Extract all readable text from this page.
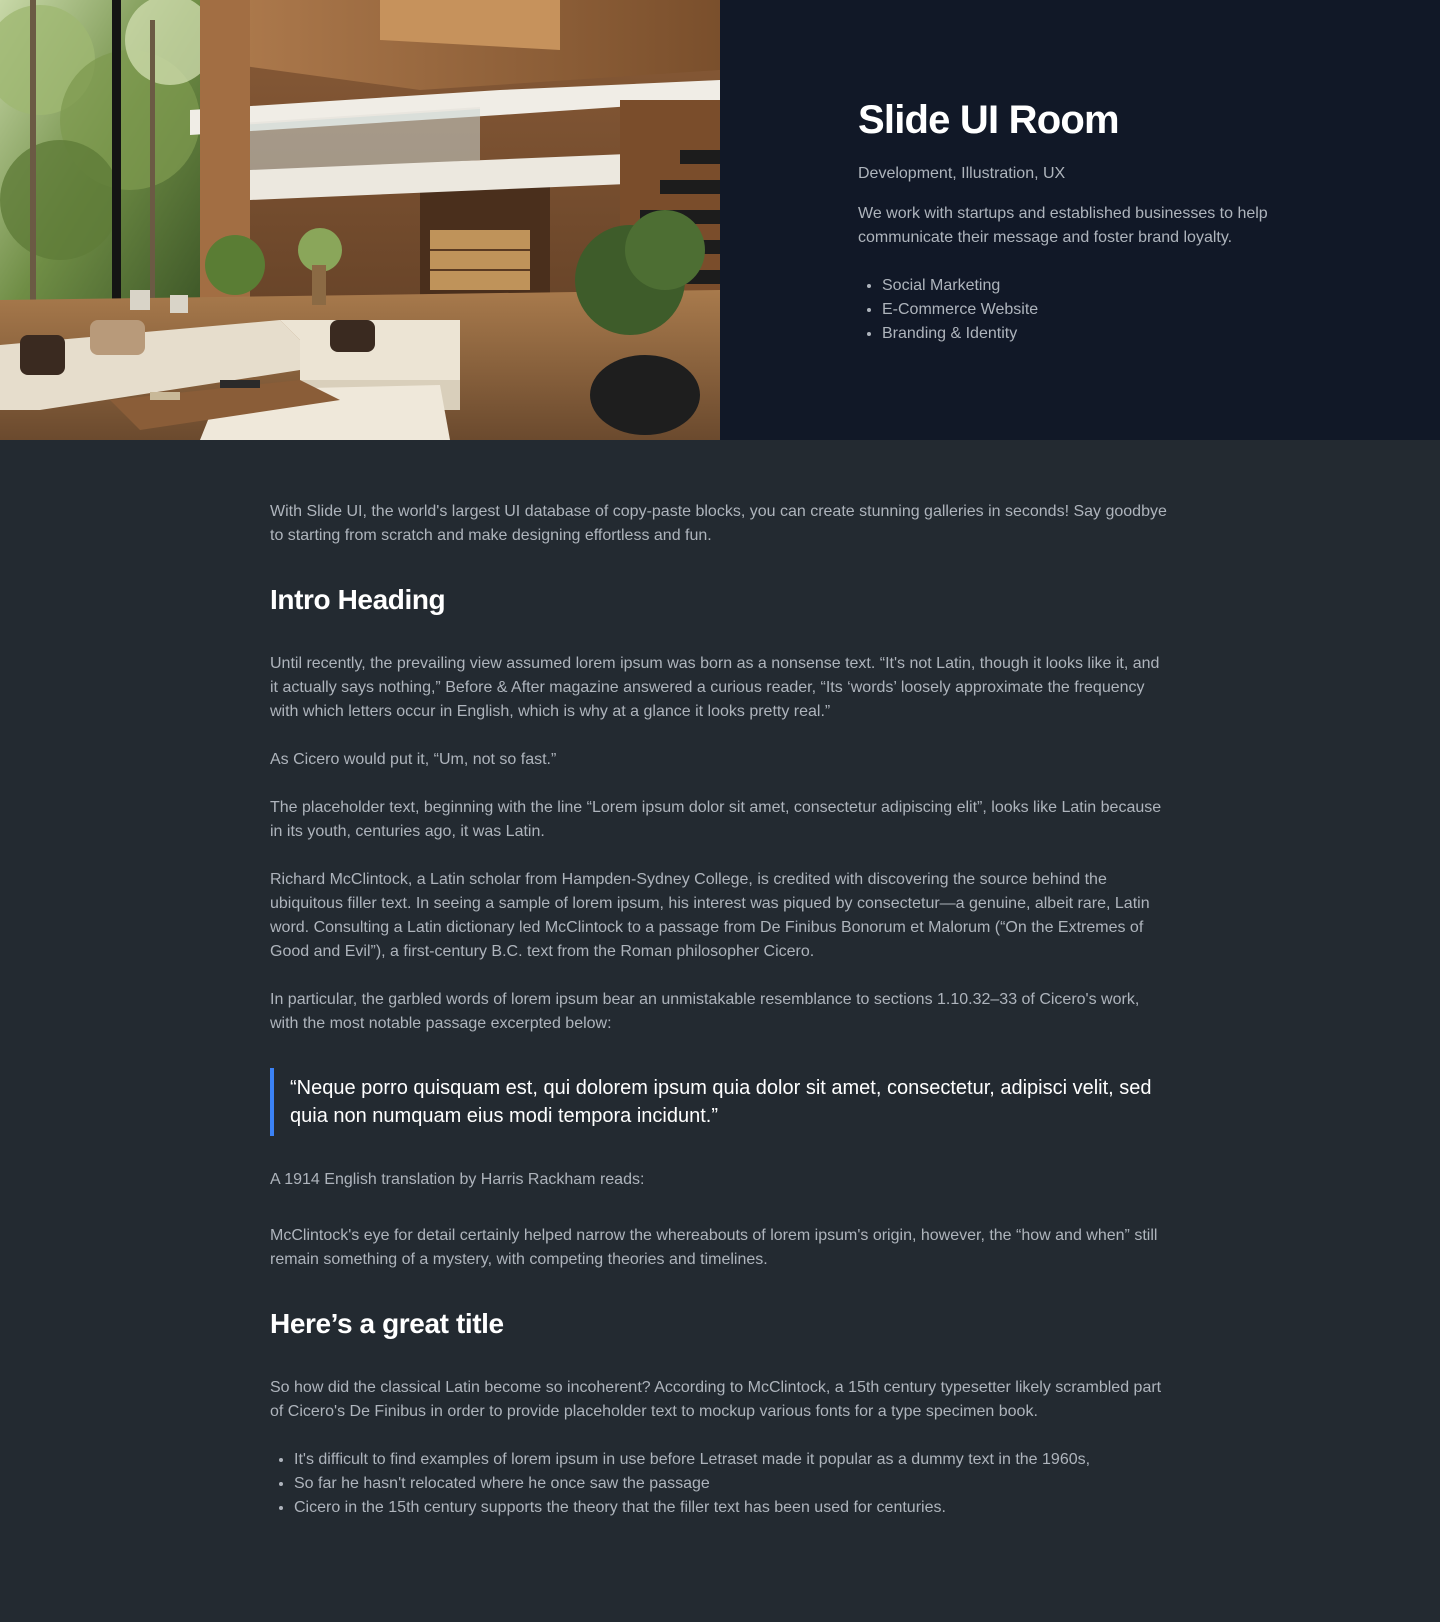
Slide UI Room

Development, Illustration, UX

We work with startups and established businesses to help communicate their message and foster brand loyalty.

• Social Marketing
• E-Commerce Website
• Branding & Identity

With Slide UI, the world's largest UI database of copy-paste blocks, you can create stunning galleries in seconds! Say goodbye to starting from scratch and make designing effortless and fun.

Intro Heading

Until recently, the prevailing view assumed lorem ipsum was born as a nonsense text. “It's not Latin, though it looks like it, and it actually says nothing,” Before & After magazine answered a curious reader, “Its ‘words’ loosely approximate the frequency with which letters occur in English, which is why at a glance it looks pretty real.”

As Cicero would put it, “Um, not so fast.”

The placeholder text, beginning with the line “Lorem ipsum dolor sit amet, consectetur adipiscing elit”, looks like Latin because in its youth, centuries ago, it was Latin.

Richard McClintock, a Latin scholar from Hampden-Sydney College, is credited with discovering the source behind the ubiquitous filler text. In seeing a sample of lorem ipsum, his interest was piqued by consectetur—a genuine, albeit rare, Latin word. Consulting a Latin dictionary led McClintock to a passage from De Finibus Bonorum et Malorum (“On the Extremes of Good and Evil”), a first-century B.C. text from the Roman philosopher Cicero.

In particular, the garbled words of lorem ipsum bear an unmistakable resemblance to sections 1.10.32–33 of Cicero's work, with the most notable passage excerpted below:

“Neque porro quisquam est, qui dolorem ipsum quia dolor sit amet, consectetur, adipisci velit, sed quia non numquam eius modi tempora incidunt.”

A 1914 English translation by Harris Rackham reads:

McClintock's eye for detail certainly helped narrow the whereabouts of lorem ipsum's origin, however, the “how and when” still remain something of a mystery, with competing theories and timelines.

Here’s a great title

So how did the classical Latin become so incoherent? According to McClintock, a 15th century typesetter likely scrambled part of Cicero's De Finibus in order to provide placeholder text to mockup various fonts for a type specimen book.

• It's difficult to find examples of lorem ipsum in use before Letraset made it popular as a dummy text in the 1960s,
• So far he hasn't relocated where he once saw the passage
• Cicero in the 15th century supports the theory that the filler text has been used for centuries.
